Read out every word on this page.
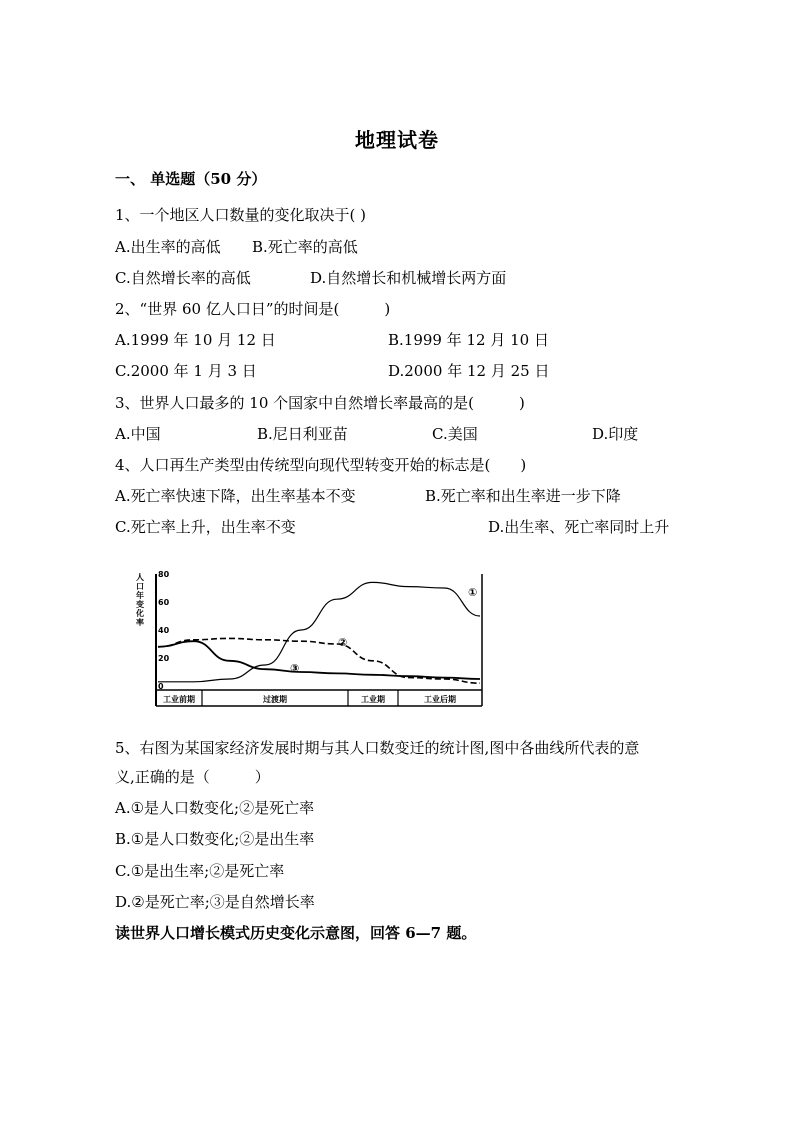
地理试卷
一、 单选题（50 分）
1、一个地区人口数量的变化取决于( )
A.出生率的高低 B.死亡率的高低
C.自然增长率的高低	D.自然增长和机械增长两方面
2、“世界 60 亿人口日”的时间是(　　　)
A.1999 年 10 月 12 日	B.1999 年 12 月 10 日
C.2000 年 1 月 3 日	D.2000 年 12 月 25 日
3、世界人口最多的 10 个国家中自然增长率最高的是(　　　)
A.中国	B.尼日利亚苗	C.美国	D.印度
4、人口再生产类型由传统型向现代型转变开始的标志是(　　)
A.死亡率快速下降，出生率基本不变	B.死亡率和出生率进一步下降
C.死亡率上升，出生率不变	D.出生率、死亡率同时上升
80
60
40
20
0
人
口
年
变
化
率
①
②
③
工业前期	过渡期	工业期	工业后期
5、右图为某国家经济发展时期与其人口数变迁的统计图,图中各曲线所代表的意
义,正确的是（　　　）
A.①是人口数变化;②是死亡率
B.①是人口数变化;②是出生率
C.①是出生率;②是死亡率
D.②是死亡率;③是自然增长率
读世界人口增长模式历史变化示意图，回答 6—7 题。
